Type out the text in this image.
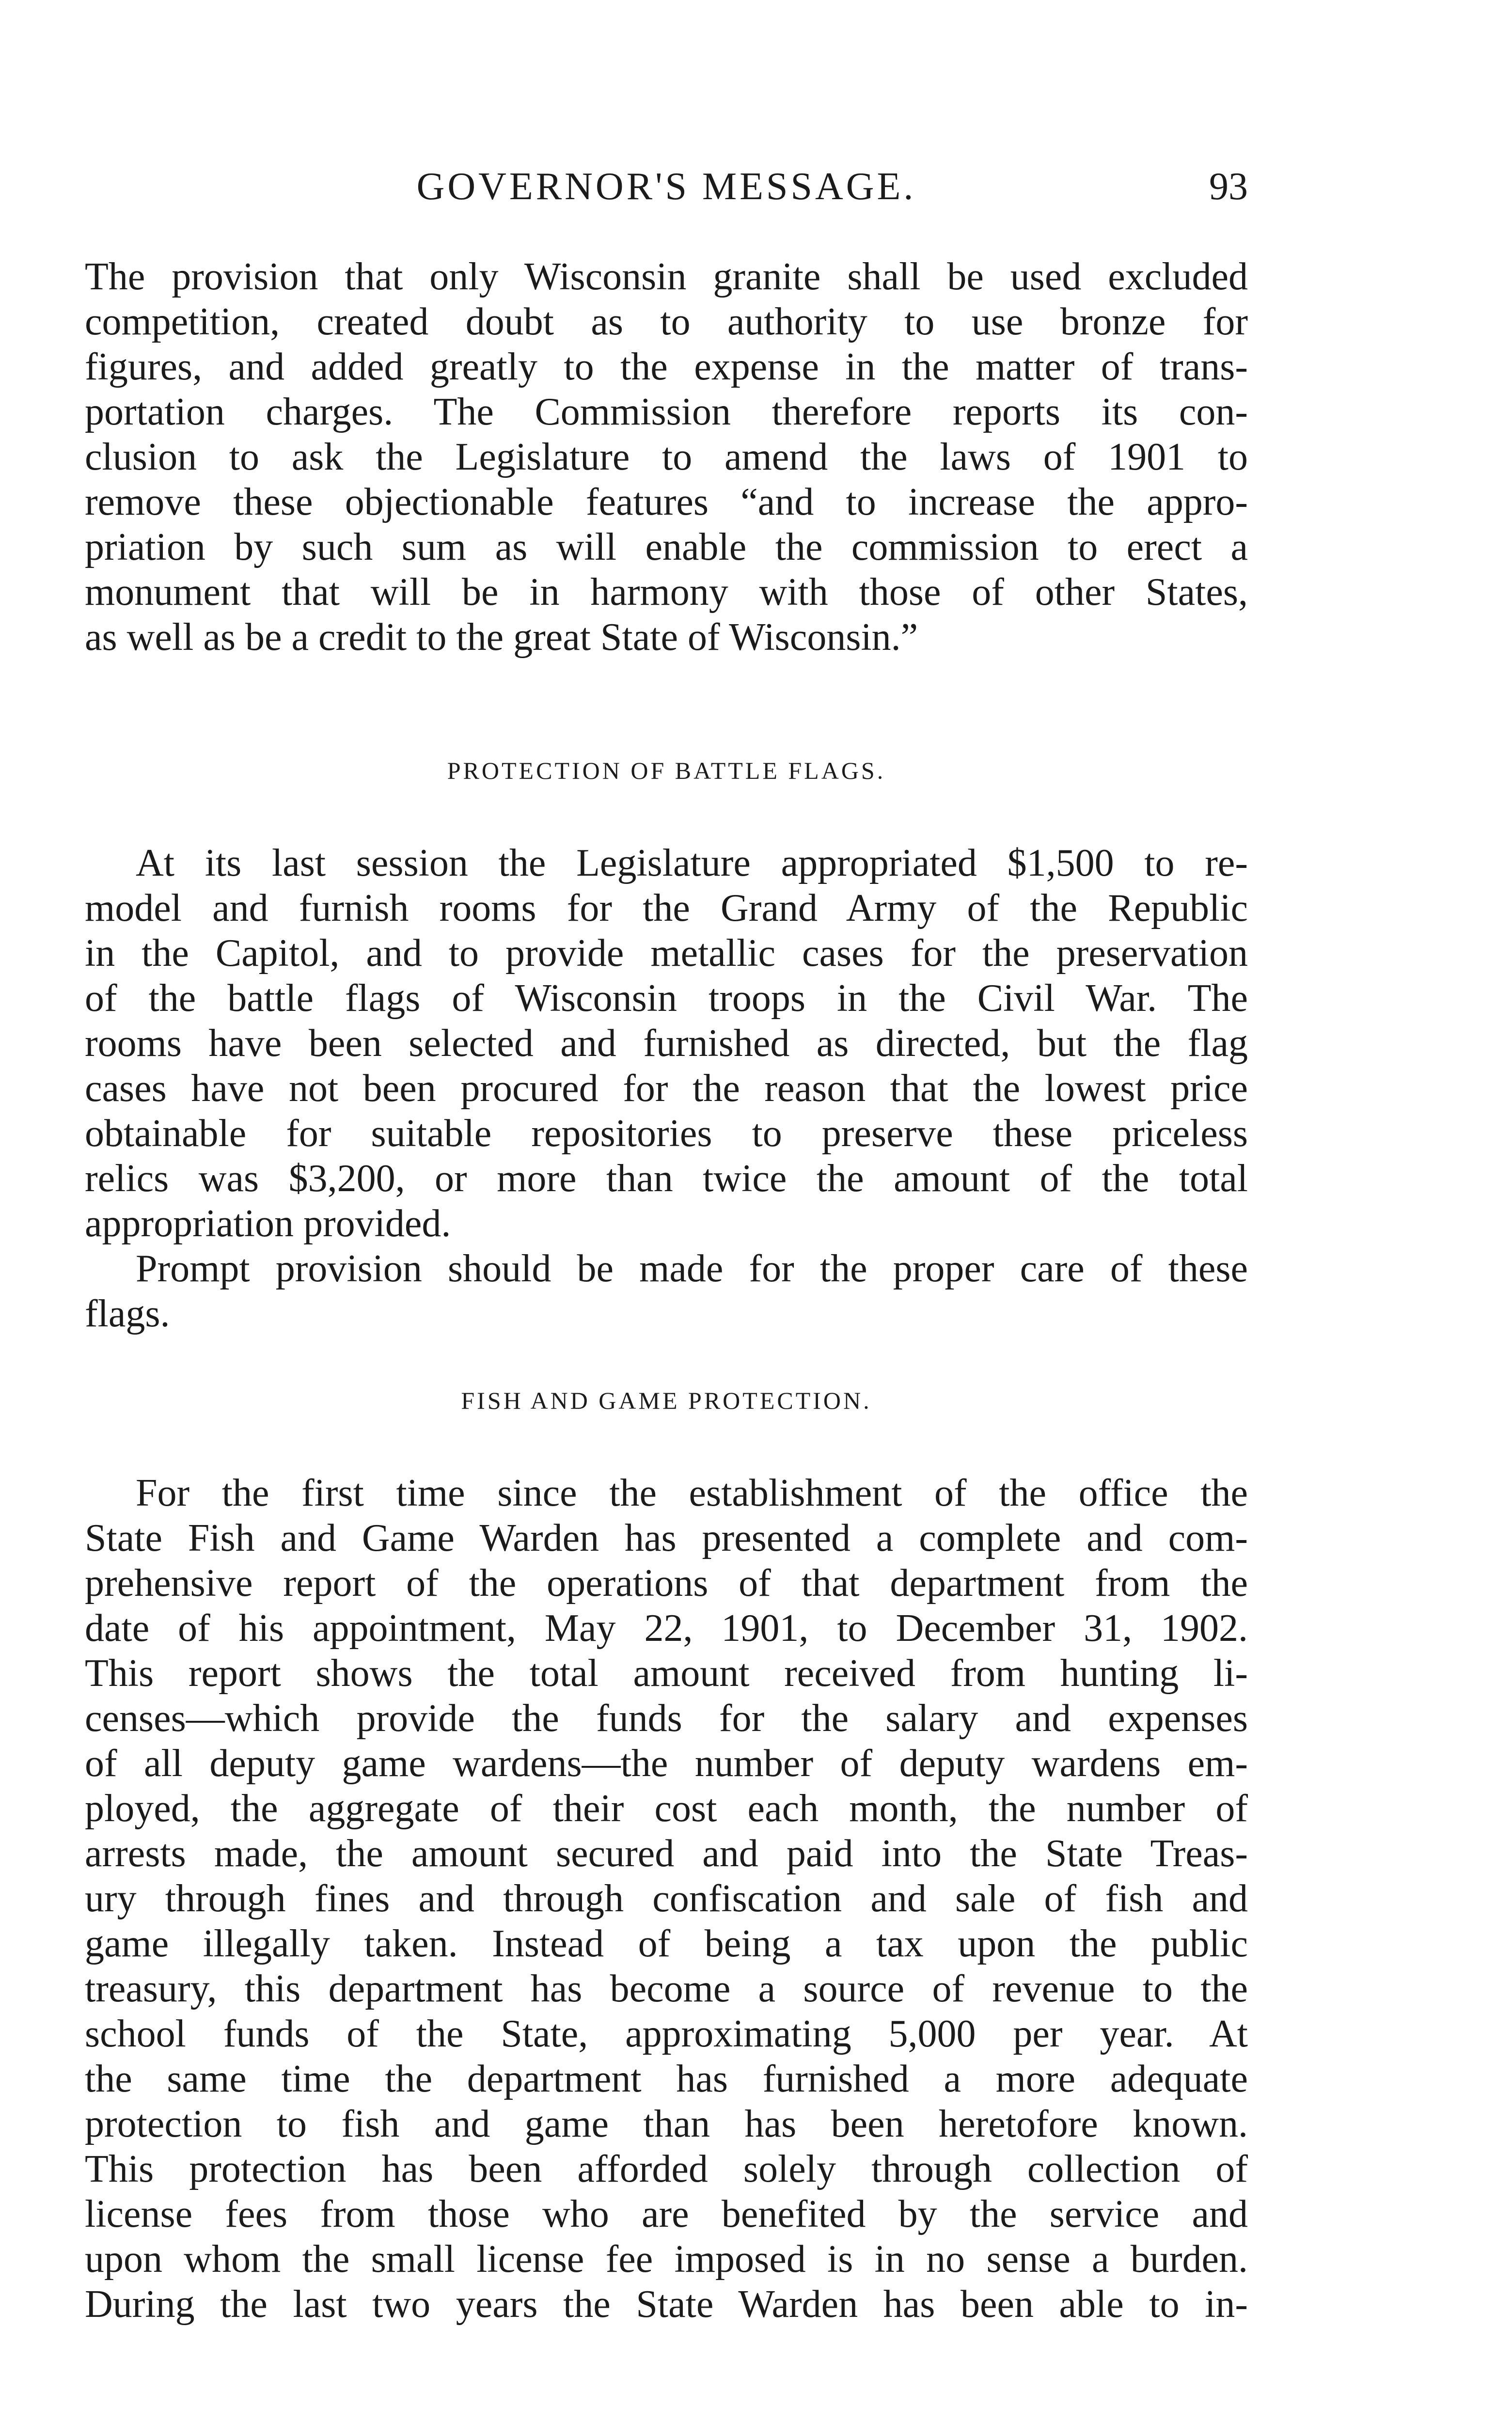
GOVERNOR'S MESSAGE.	93
The provision that only Wisconsin granite shall be used excluded
competition, created doubt as to authority to use bronze for
figures, and added greatly to the expense in the matter of trans-
portation charges. The Commission therefore reports its con-
clusion to ask the Legislature to amend the laws of 1901 to
remove these objectionable features “and to increase the appro-
priation by such sum as will enable the commission to erect a
monument that will be in harmony with those of other States,
as well as be a credit to the great State of Wisconsin.”
PROTECTION OF BATTLE FLAGS.
At its last session the Legislature appropriated $1,500 to re-
model and furnish rooms for the Grand Army of the Republic
in the Capitol, and to provide metallic cases for the preservation
of the battle flags of Wisconsin troops in the Civil War. The
rooms have been selected and furnished as directed, but the flag
cases have not been procured for the reason that the lowest price
obtainable for suitable repositories to preserve these priceless
relics was $3,200, or more than twice the amount of the total
appropriation provided.
Prompt provision should be made for the proper care of these
flags.
FISH AND GAME PROTECTION.
For the first time since the establishment of the office the
State Fish and Game Warden has presented a complete and com-
prehensive report of the operations of that department from the
date of his appointment, May 22, 1901, to December 31, 1902.
This report shows the total amount received from hunting li-
censes—which provide the funds for the salary and expenses
of all deputy game wardens—the number of deputy wardens em-
ployed, the aggregate of their cost each month, the number of
arrests made, the amount secured and paid into the State Treas-
ury through fines and through confiscation and sale of fish and
game illegally taken. Instead of being a tax upon the public
treasury, this department has become a source of revenue to the
school funds of the State, approximating 5,000 per year. At
the same time the department has furnished a more adequate
protection to fish and game than has been heretofore known.
This protection has been afforded solely through collection of
license fees from those who are benefited by the service and
upon whom the small license fee imposed is in no sense a burden.
During the last two years the State Warden has been able to in-
